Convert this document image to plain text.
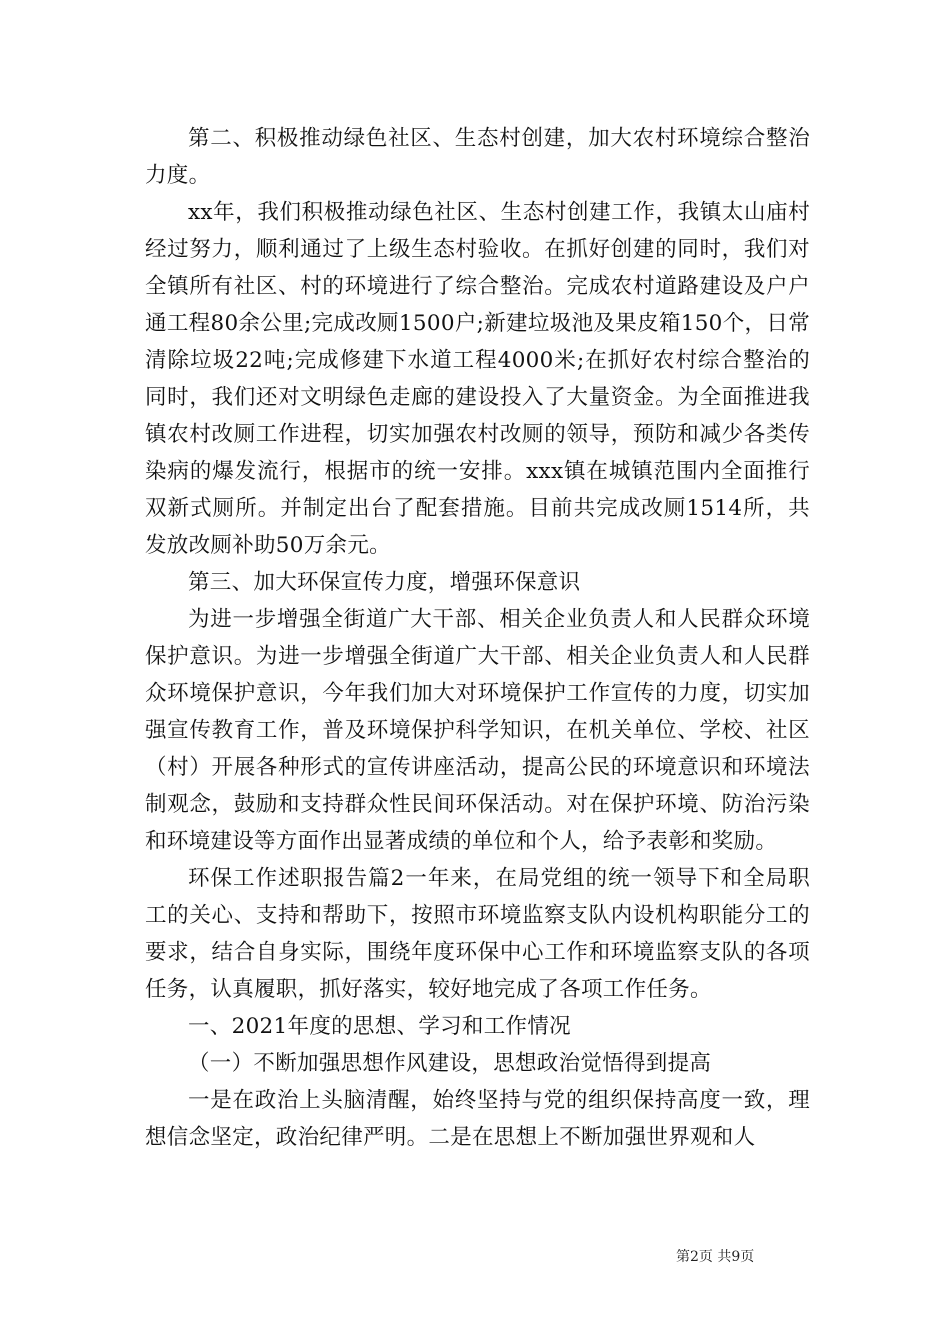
第二、积极推动绿色社区、生态村创建，加大农村环境综合整治力度。

xx年，我们积极推动绿色社区、生态村创建工作，我镇太山庙村经过努力，顺利通过了上级生态村验收。在抓好创建的同时，我们对全镇所有社区、村的环境进行了综合整治。完成农村道路建设及户户通工程80余公里;完成改厕1500户;新建垃圾池及果皮箱150个，日常清除垃圾22吨;完成修建下水道工程4000米;在抓好农村综合整治的同时，我们还对文明绿色走廊的建设投入了大量资金。为全面推进我镇农村改厕工作进程，切实加强农村改厕的领导，预防和减少各类传染病的爆发流行，根据市的统一安排。xxx镇在城镇范围内全面推行双新式厕所。并制定出台了配套措施。目前共完成改厕1514所，共发放改厕补助50万余元。

第三、加大环保宣传力度，增强环保意识

为进一步增强全街道广大干部、相关企业负责人和人民群众环境保护意识。为进一步增强全街道广大干部、相关企业负责人和人民群众环境保护意识，今年我们加大对环境保护工作宣传的力度，切实加强宣传教育工作，普及环境保护科学知识，在机关单位、学校、社区（村）开展各种形式的宣传讲座活动，提高公民的环境意识和环境法制观念，鼓励和支持群众性民间环保活动。对在保护环境、防治污染和环境建设等方面作出显著成绩的单位和个人，给予表彰和奖励。

环保工作述职报告篇2一年来，在局党组的统一领导下和全局职工的关心、支持和帮助下，按照市环境监察支队内设机构职能分工的要求，结合自身实际，围绕年度环保中心工作和环境监察支队的各项任务，认真履职，抓好落实，较好地完成了各项工作任务。

一、2021年度的思想、学习和工作情况

（一）不断加强思想作风建设，思想政治觉悟得到提高

一是在政治上头脑清醒，始终坚持与党的组织保持高度一致，理想信念坚定，政治纪律严明。二是在思想上不断加强世界观和人

第2页 共9页
